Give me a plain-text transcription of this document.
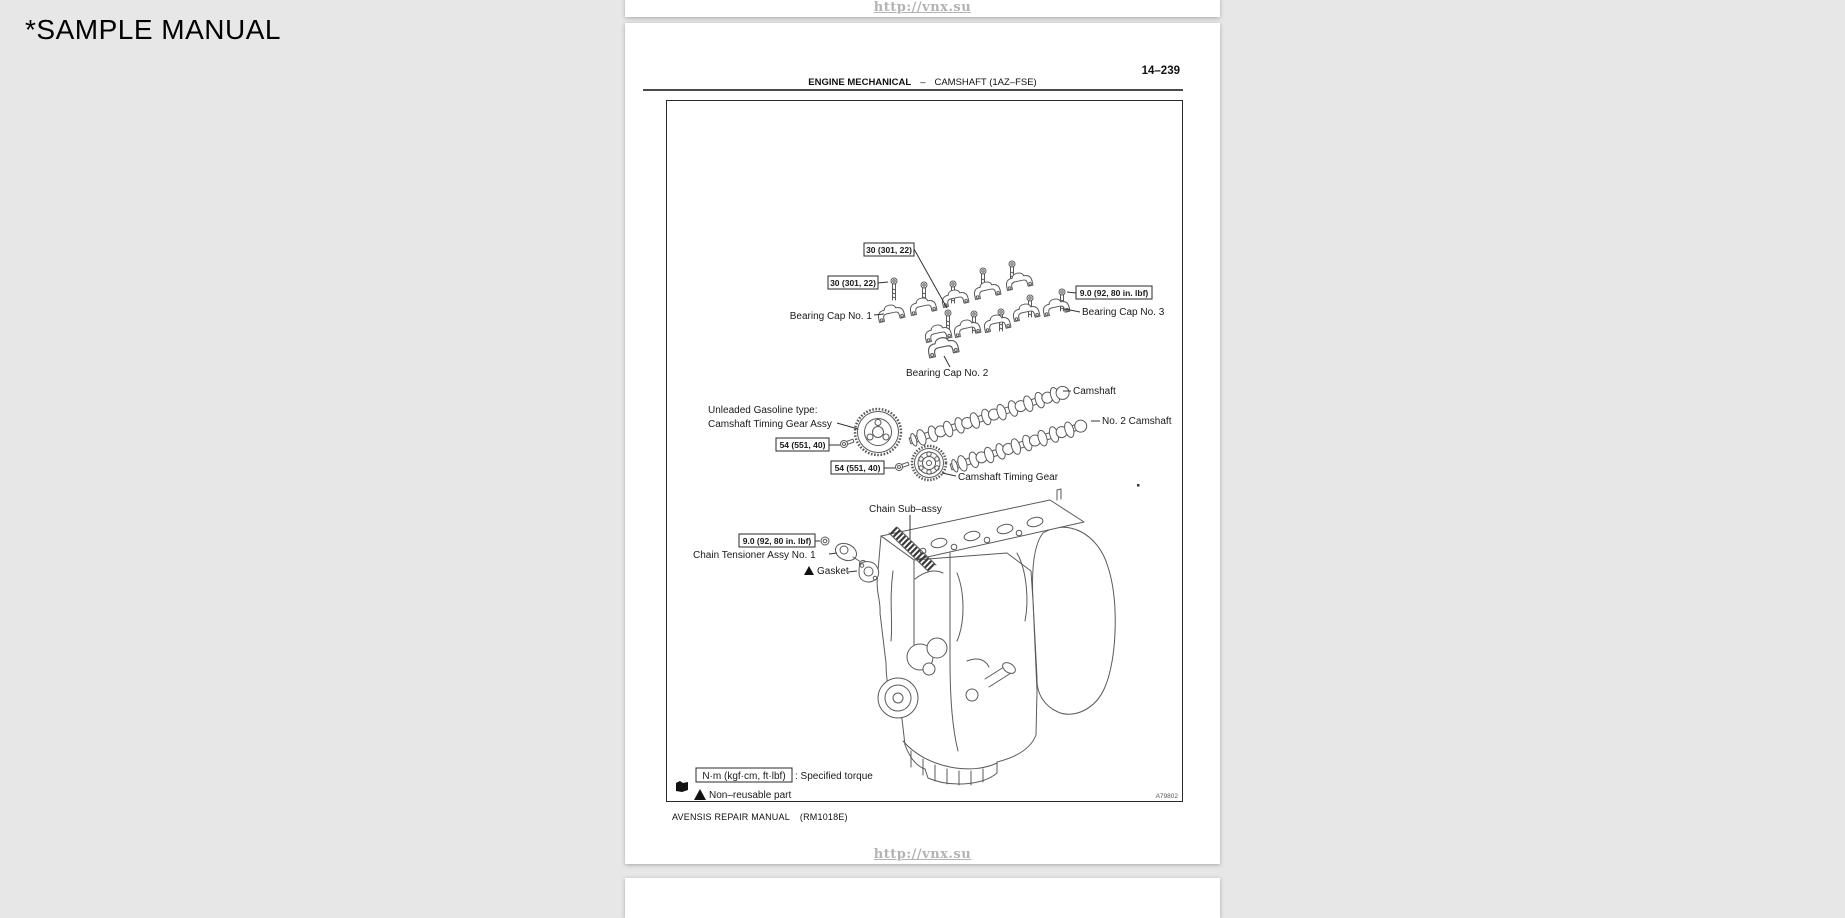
*SAMPLE MANUAL
http://vnx.su
14–239
ENGINE MECHANICAL – CAMSHAFT (1AZ–FSE)
30 (301, 22)
30 (301, 22)
9.0 (92, 80 in. lbf)
54 (551, 40)
54 (551, 40)
9.0 (92, 80 in. lbf)
Bearing Cap No. 1
Bearing Cap No. 2
Bearing Cap No. 3
Camshaft
No. 2 Camshaft
Unleaded Gasoline type:
Camshaft Timing Gear Assy
Camshaft Timing Gear
Chain Sub–assy
Chain Tensioner Assy No. 1
Gasket
N·m (kgf·cm, ft·lbf) : Specified torque
Non–reusable part	A79802
AVENSIS REPAIR MANUAL (RM1018E)
http://vnx.su
